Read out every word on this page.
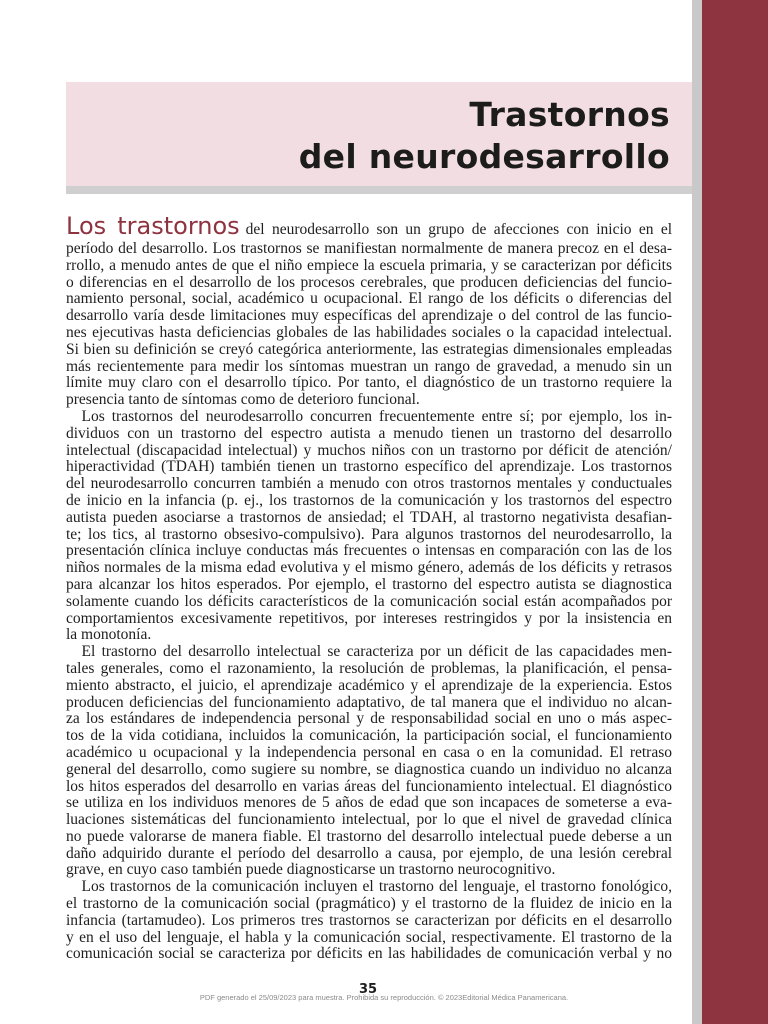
Trastornos
del neurodesarrollo
Los trastornos del neurodesarrollo son un grupo de afecciones con inicio en el
período del desarrollo. Los trastornos se manifiestan normalmente de manera precoz en el desa-
rrollo, a menudo antes de que el niño empiece la escuela primaria, y se caracterizan por déficits
o diferencias en el desarrollo de los procesos cerebrales, que producen deficiencias del funcio-
namiento personal, social, académico u ocupacional. El rango de los déficits o diferencias del
desarrollo varía desde limitaciones muy específicas del aprendizaje o del control de las funcio-
nes ejecutivas hasta deficiencias globales de las habilidades sociales o la capacidad intelectual.
Si bien su definición se creyó categórica anteriormente, las estrategias dimensionales empleadas
más recientemente para medir los síntomas muestran un rango de gravedad, a menudo sin un
límite muy claro con el desarrollo típico. Por tanto, el diagnóstico de un trastorno requiere la
presencia tanto de síntomas como de deterioro funcional.
 Los trastornos del neurodesarrollo concurren frecuentemente entre sí; por ejemplo, los in-
dividuos con un trastorno del espectro autista a menudo tienen un trastorno del desarrollo
intelectual (discapacidad intelectual) y muchos niños con un trastorno por déficit de atención/
hiperactividad (TDAH) también tienen un trastorno específico del aprendizaje. Los trastornos
del neurodesarrollo concurren también a menudo con otros trastornos mentales y conductuales
de inicio en la infancia (p. ej., los trastornos de la comunicación y los trastornos del espectro
autista pueden asociarse a trastornos de ansiedad; el TDAH, al trastorno negativista desafian-
te; los tics, al trastorno obsesivo-compulsivo). Para algunos trastornos del neurodesarrollo, la
presentación clínica incluye conductas más frecuentes o intensas en comparación con las de los
niños normales de la misma edad evolutiva y el mismo género, además de los déficits y retrasos
para alcanzar los hitos esperados. Por ejemplo, el trastorno del espectro autista se diagnostica
solamente cuando los déficits característicos de la comunicación social están acompañados por
comportamientos excesivamente repetitivos, por intereses restringidos y por la insistencia en
la monotonía.
 El trastorno del desarrollo intelectual se caracteriza por un déficit de las capacidades men-
tales generales, como el razonamiento, la resolución de problemas, la planificación, el pensa-
miento abstracto, el juicio, el aprendizaje académico y el aprendizaje de la experiencia. Estos
producen deficiencias del funcionamiento adaptativo, de tal manera que el individuo no alcan-
za los estándares de independencia personal y de responsabilidad social en uno o más aspec-
tos de la vida cotidiana, incluidos la comunicación, la participación social, el funcionamiento
académico u ocupacional y la independencia personal en casa o en la comunidad. El retraso
general del desarrollo, como sugiere su nombre, se diagnostica cuando un individuo no alcanza
los hitos esperados del desarrollo en varias áreas del funcionamiento intelectual. El diagnóstico
se utiliza en los individuos menores de 5 años de edad que son incapaces de someterse a eva-
luaciones sistemáticas del funcionamiento intelectual, por lo que el nivel de gravedad clínica
no puede valorarse de manera fiable. El trastorno del desarrollo intelectual puede deberse a un
daño adquirido durante el período del desarrollo a causa, por ejemplo, de una lesión cerebral
grave, en cuyo caso también puede diagnosticarse un trastorno neurocognitivo.
 Los trastornos de la comunicación incluyen el trastorno del lenguaje, el trastorno fonológico,
el trastorno de la comunicación social (pragmático) y el trastorno de la fluidez de inicio en la
infancia (tartamudeo). Los primeros tres trastornos se caracterizan por déficits en el desarrollo
y en el uso del lenguaje, el habla y la comunicación social, respectivamente. El trastorno de la
comunicación social se caracteriza por déficits en las habilidades de comunicación verbal y no
35
PDF generado el 25/09/2023 para muestra. Prohibida su reproducción. © 2023Editorial Médica Panamericana.
